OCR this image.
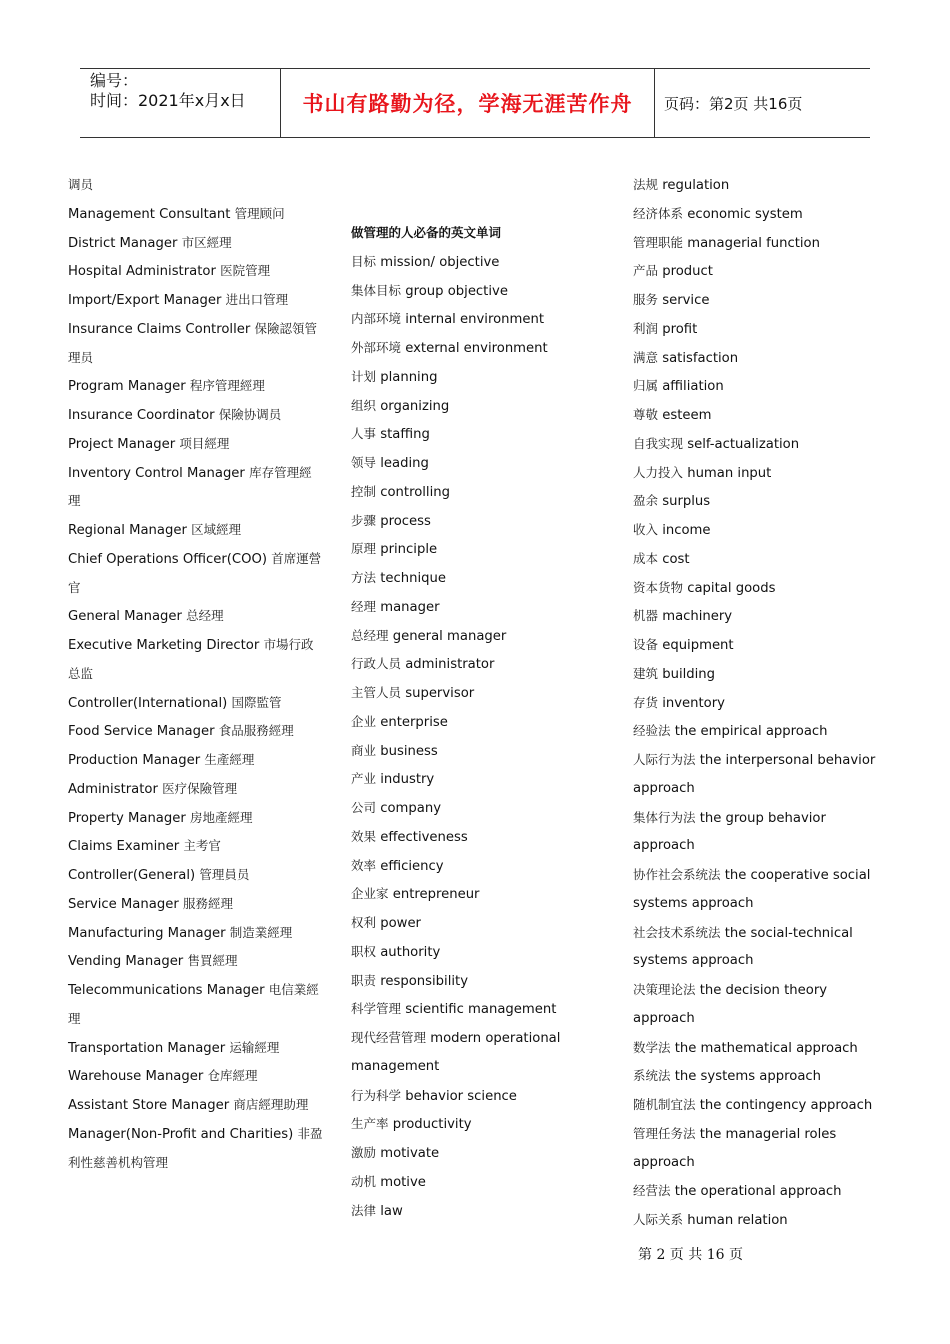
编号：
时间：2021年x月x日	书山有路勤为径，学海无涯苦作舟	页码：第2页 共16页
调员
Management Consultant 管理顾问
District Manager 市区經理
Hospital Administrator 医院管理
Import/Export Manager 进出口管理
Insurance Claims Controller 保險認領管
理员
Program Manager 程序管理經理
Insurance Coordinator 保險协调员
Project Manager 项目經理
Inventory Control Manager 库存管理經
理
Regional Manager 区域經理
Chief Operations Officer(COO) 首席運營
官
General Manager 总经理
Executive Marketing Director 市場行政
总监
Controller(International) 国際監管
Food Service Manager 食品服務經理
Production Manager 生產經理
Administrator 医疗保險管理
Property Manager 房地產經理
Claims Examiner 主考官
Controller(General) 管理員员
Service Manager 服務經理
Manufacturing Manager 制造業經理
Vending Manager 售買經理
Telecommunications Manager 电信業經
理
Transportation Manager 运输經理
Warehouse Manager 仓库經理
Assistant Store Manager 商店經理助理
Manager(Non-Profit and Charities) 非盈
利性慈善机构管理
做管理的人必备的英文单词
目标 mission/ objective
集体目标 group objective
内部环境 internal environment
外部环境 external environment
计划 planning
组织 organizing
人事 staffing
领导 leading
控制 controlling
步骤 process
原理 principle
方法 technique
经理 manager
总经理 general manager
行政人员 administrator
主管人员 supervisor
企业 enterprise
商业 business
产业 industry
公司 company
效果 effectiveness
效率 efficiency
企业家 entrepreneur
权利 power
职权 authority
职责 responsibility
科学管理 scientific management
现代经营管理 modern operational
management
行为科学 behavior science
生产率 productivity
激励 motivate
动机 motive
法律 law
法规 regulation
经济体系 economic system
管理职能 managerial function
产品 product
服务 service
利润 profit
满意 satisfaction
归属 affiliation
尊敬 esteem
自我实现 self-actualization
人力投入 human input
盈余 surplus
收入 income
成本 cost
资本货物 capital goods
机器 machinery
设备 equipment
建筑 building
存货 inventory
经验法 the empirical approach
人际行为法 the interpersonal behavior
approach
集体行为法 the group behavior
approach
协作社会系统法 the cooperative social
systems approach
社会技术系统法 the social-technical
systems approach
决策理论法 the decision theory
approach
数学法 the mathematical approach
系统法 the systems approach
随机制宜法 the contingency approach
管理任务法 the managerial roles
approach
经营法 the operational approach
人际关系 human relation
第 2 页 共 16 页
